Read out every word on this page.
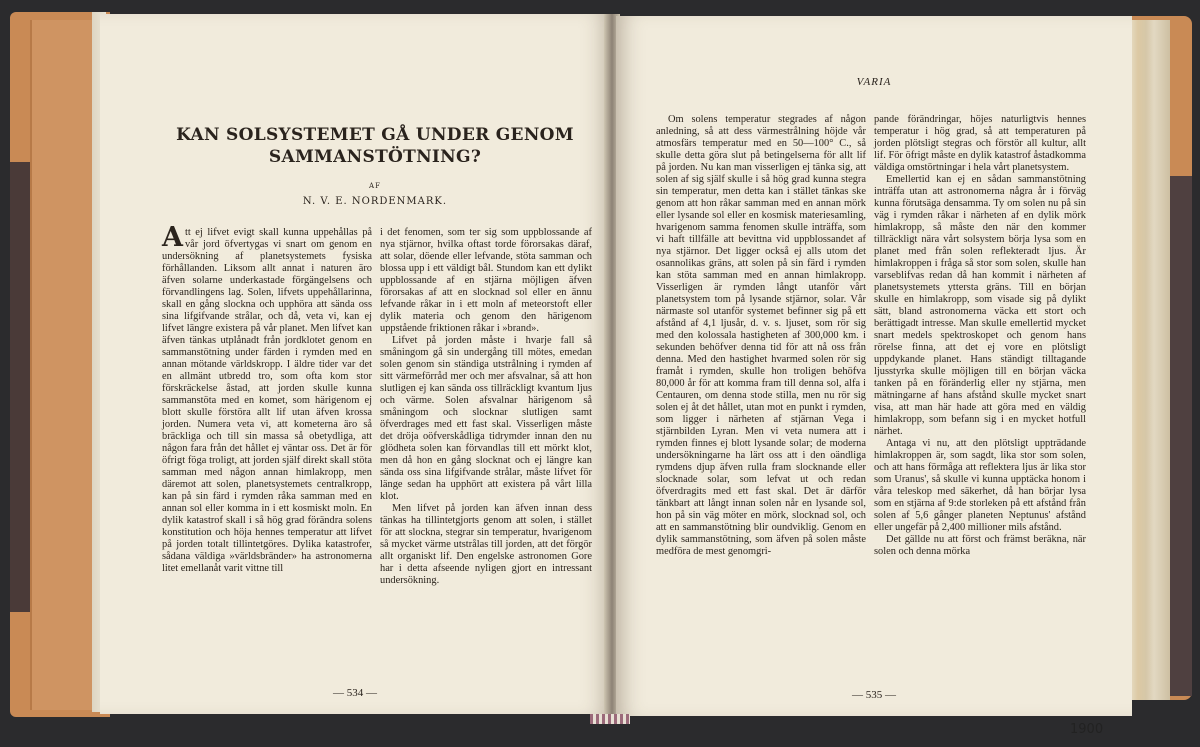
KAN SOLSYSTEMET GÅ UNDER GENOM SAMMANSTÖTNING?
AF
N. V. E. NORDENMARK.

Att ej lifvet evigt skall kunna uppehållas på vår jord öfvertygas vi snart om genom en undersökning af planetsystemets fysiska förhållanden. Liksom allt annat i naturen äro äfven solarne underkastade förgängelsens och förvandlingens lag. Solen, lifvets uppehållarinna, skall en gång slockna och upphöra att sända oss sina lifgifvande strålar, och då, veta vi, kan ej lifvet längre existera på vår planet. Men lifvet kan äfven tänkas utplånadt från jordklotet genom en sammanstötning under färden i rymden med en annan mötande världskropp. I äldre tider var det en allmänt utbredd tro, som ofta kom stor förskräckelse åstad, att jorden skulle kunna sammanstöta med en komet, som härigenom ej blott skulle förstöra allt lif utan äfven krossa jorden. Numera veta vi, att kometerna äro så bräckliga och till sin massa så obetydliga, att någon fara från det hållet ej väntar oss. Det är för öfrigt föga troligt, att jorden själf direkt skall stöta samman med någon annan himlakropp, men däremot att solen, planetsystemets centralkropp, kan på sin färd i rymden råka samman med en annan sol eller komma in i ett kosmiskt moln. En dylik katastrof skall i så hög grad förändra solens konstitution och höja hennes temperatur att lifvet på jorden totalt tillintetgöres. Dylika katastrofer, sådana väldiga »världsbränder» ha astronomerna litet emellanåt varit vittne till

i det fenomen, som ter sig som uppblossande af nya stjärnor, hvilka oftast torde förorsakas däraf, att solar, döende eller lefvande, stöta samman och blossa upp i ett väldigt bål. Stundom kan ett dylikt uppblossande af en stjärna möjligen äfven förorsakas af att en slocknad sol eller en ännu lefvande råkar in i ett moln af meteorstoft eller dylik materia och genom den härigenom uppstående friktionen råkar i »brand».

Lifvet på jorden måste i hvarje fall så småningom gå sin undergång till mötes, emedan solen genom sin ständiga utstrålning i rymden af sitt värmeförråd mer och mer afsvalnar, så att hon slutligen ej kan sända oss tillräckligt kvantum ljus och värme. Solen afsvalnar härigenom så småningom och slocknar slutligen samt öfverdrages med ett fast skal. Visserligen måste det dröja oöfverskådliga tidrymder innan den nu glödheta solen kan förvandlas till ett mörkt klot, men då hon en gång slocknat och ej längre kan sända oss sina lifgifvande strålar, måste lifvet för länge sedan ha upphört att existera på vårt lilla klot.

Men lifvet på jorden kan äfven innan dess tänkas ha tillintetgjorts genom att solen, i stället för att slockna, stegrar sin temperatur, hvarigenom så mycket värme utstrålas till jorden, att det förgör allt organiskt lif. Den engelske astronomen Gore har i detta afseende nyligen gjort en intressant undersökning.

— 534 —
VARIA

Om solens temperatur stegrades af någon anledning, så att dess värmestrålning höjde vår atmosfärs temperatur med en 50—100° C., så skulle detta göra slut på betingelserna för allt lif på jorden. Nu kan man visserligen ej tänka sig, att solen af sig själf skulle i så hög grad kunna stegra sin temperatur, men detta kan i stället tänkas ske genom att hon råkar samman med en annan mörk eller lysande sol eller en kosmisk materiesamling, hvarigenom samma fenomen skulle inträffa, som vi haft tillfälle att bevittna vid uppblossandet af nya stjärnor. Det ligger också ej alls utom det osannolikas gräns, att solen på sin färd i rymden kan stöta samman med en annan himlakropp. Visserligen är rymden långt utanför vårt planetsystem tom på lysande stjärnor, solar. Vår närmaste sol utanför systemet befinner sig på ett afstånd af 4,1 ljusår, d. v. s. ljuset, som rör sig med den kolossala hastigheten af 300,000 km. i sekunden behöfver denna tid för att nå oss från denna. Med den hastighet hvarmed solen rör sig framåt i rymden, skulle hon troligen behöfva 80,000 år för att komma fram till denna sol, alfa i Centauren, om denna stode stilla, men nu rör sig solen ej åt det hållet, utan mot en punkt i rymden, som ligger i närheten af stjärnan Vega i stjärnbilden Lyran. Men vi veta numera att i rymden finnes ej blott lysande solar; de moderna undersökningarne ha lärt oss att i den oändliga rymdens djup äfven rulla fram slocknande eller slocknade solar, som lefvat ut och redan öfverdragits med ett fast skal. Det är därför tänkbart att långt innan solen når en lysande sol, hon på sin väg möter en mörk, slocknad sol, och att en sammanstötning blir oundviklig. Genom en dylik sammanstötning, som äfven på solen måste medföra de mest genomgri-

pande förändringar, höjes naturligtvis hennes temperatur i hög grad, så att temperaturen på jorden plötsligt stegras och förstör all kultur, allt lif. För öfrigt måste en dylik katastrof åstadkomma väldiga omstörtningar i hela vårt planetsystem.

Emellertid kan ej en sådan sammanstötning inträffa utan att astronomerna några år i förväg kunna förutsäga densamma. Ty om solen nu på sin väg i rymden råkar i närheten af en dylik mörk himlakropp, så måste den när den kommer tillräckligt nära vårt solsystem börja lysa som en planet med från solen reflekteradt ljus. Är himlakroppen i fråga så stor som solen, skulle han varseblifvas redan då han kommit i närheten af planetsystemets yttersta gräns. Till en början skulle en himlakropp, som visade sig på dylikt sätt, bland astronomerna väcka ett stort och berättigadt intresse. Man skulle emellertid mycket snart medels spektroskopet och genom hans rörelse finna, att det ej vore en plötsligt uppdykande planet. Hans ständigt tilltagande ljusstyrka skulle möjligen till en början väcka tanken på en föränderlig eller ny stjärna, men mätningarne af hans afstånd skulle mycket snart visa, att man här hade att göra med en väldig himlakropp, som befann sig i en mycket hotfull närhet.

Antaga vi nu, att den plötsligt uppträdande himlakroppen är, som sagdt, lika stor som solen, och att hans förmåga att reflektera ljus är lika stor som Uranus', så skulle vi kunna upptäcka honom i våra teleskop med säkerhet, då han börjar lysa som en stjärna af 9:de storleken på ett afstånd från solen af 5,6 gånger planeten Neptunus' afstånd eller ungefär på 2,400 millioner mils afstånd.

Det gällde nu att först och främst beräkna, när solen och denna mörka

— 535 —
1900
